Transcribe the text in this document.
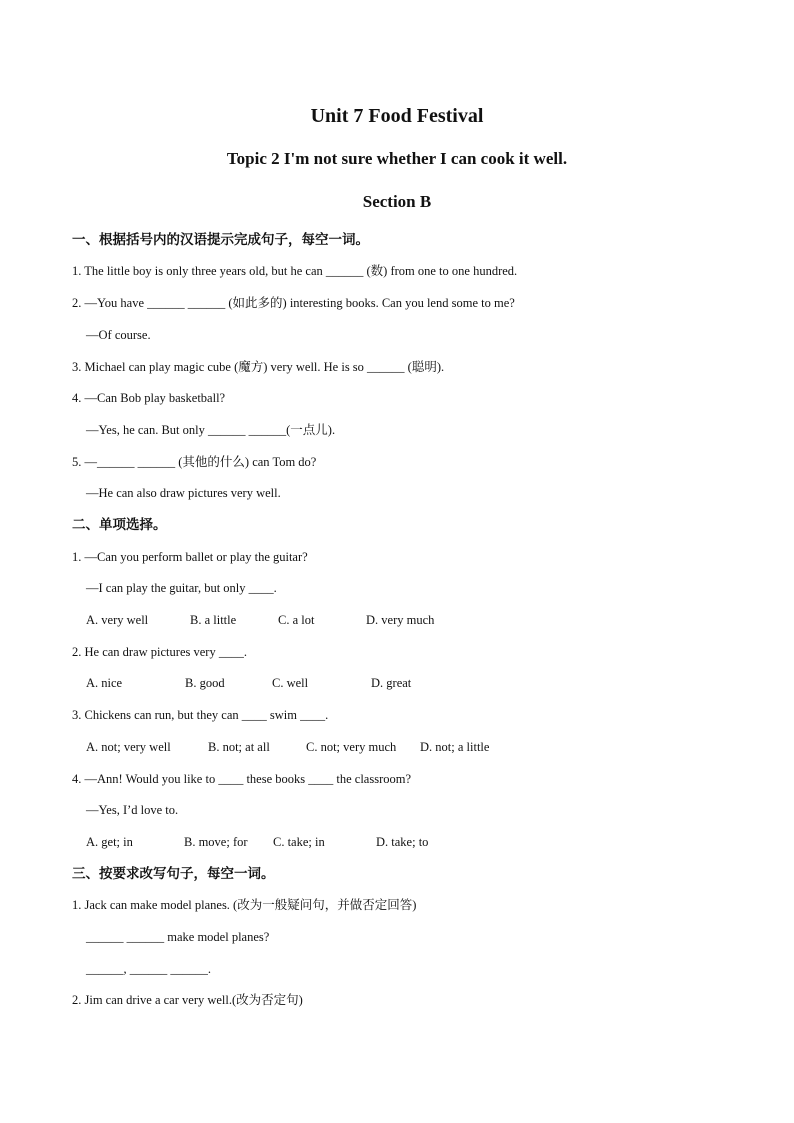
Unit 7 Food Festival
Topic 2 I'm not sure whether I can cook it well.
Section B
一、根据括号内的汉语提示完成句子，每空一词。
1. The little boy is only three years old, but he can ______ (数) from one to one hundred.
2. —You have ______ ______ (如此多的) interesting books. Can you lend some to me?
—Of course.
3. Michael can play magic cube (魔方) very well. He is so ______ (聪明).
4. —Can Bob play basketball?
—Yes, he can. But only ______ ______(一点儿).
5. —______ ______ (其他的什么) can Tom do?
—He can also draw pictures very well.
二、单项选择。
1. —Can you perform ballet or play the guitar?
—I can play the guitar, but only ____.
A. very well	B. a little	C. a lot	D. very much
2. He can draw pictures very ____.
A. nice	B. good	C. well	D. great
3. Chickens can run, but they can ____ swim ____.
A. not; very well	B. not; at all	C. not; very much D. not; a little
4. —Ann! Would you like to ____ these books ____ the classroom?
—Yes, I’d love to.
A. get; in	B. move; for C. take; in	D. take; to
三、按要求改写句子，每空一词。
1. Jack can make model planes. (改为一般疑问句，并做否定回答)
______ ______ make model planes?
______, ______ ______.
2. Jim can drive a car very well.(改为否定句)
